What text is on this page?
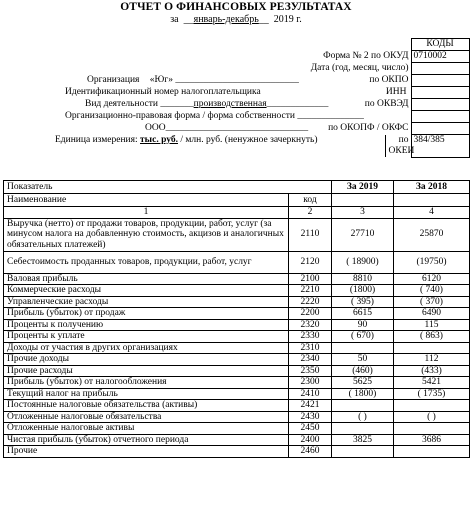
ОТЧЕТ О ФИНАНСОВЫХ РЕЗУЛЬТАТАХ
за  __январь-декабрь__  2019 г.
	КОДЫ
Форма № 2 по ОКУД	0710002
Дата (год, месяц, число)	
Организация «Юг» __________________________ по ОКПО	

Идентификационный номер налогоплательщика ИНН	

Вид деятельности _______производственная_____________ по ОКВЭД	

Организационно-правовая форма / форма собственности ______________	
ООО______________________________ по ОКОПФ / ОКФС	

Единица измерения: тыс. руб. / млн. руб. (ненужное зачеркнуть) по
ОКЕИ	384/385
Показатель		За 2019	За 2018
Наименование	код		
1	2	3	4
Выручка (нетто) от продажи товаров, продукции, работ, услуг (за минусом налога на добавленную стоимость, акцизов и аналогичных обязательных платежей)	2110	27710	25870
Себестоимость проданных товаров, продукции, работ, услуг	2120	( 18900)	(19750)
Валовая прибыль	2100	8810	6120
Коммерческие расходы	2210	(1800)	( 740)
Управленческие расходы	2220	( 395)	( 370)
Прибыль (убыток) от продаж	2200	6615	6490
Проценты к получению	2320	90	115
Проценты к уплате	2330	( 670)	( 863)
Доходы от участия в других организациях	2310		
Прочие доходы	2340	50	112
Прочие расходы	2350	(460)	(433)
Прибыль (убыток) от налогообложения	2300	5625	5421
Текущий налог на прибыль	2410	( 1800)	( 1735)
Постоянные налоговые обязательства (активы)	2421		
Отложенные налоговые обязательства	2430	( )	( )
Отложенные налоговые активы	2450		
Чистая прибыль (убыток) отчетного периода	2400	3825	3686
Прочие	2460		
